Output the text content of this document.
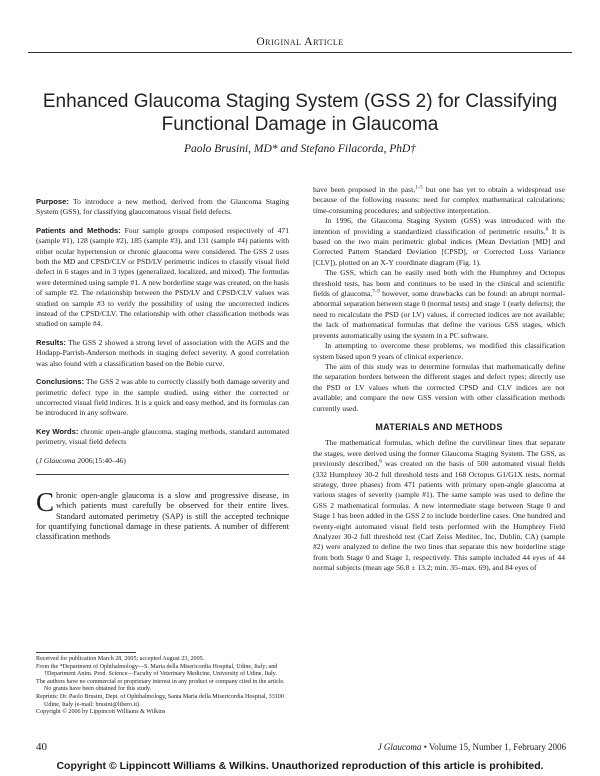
Original Article
Enhanced Glaucoma Staging System (GSS 2) for Classifying Functional Damage in Glaucoma
Paolo Brusini, MD* and Stefano Filacorda, PhD†

Purpose: To introduce a new method, derived from the Glaucoma Staging System (GSS), for classifying glaucomatous visual field defects.

Patients and Methods: Four sample groups composed respectively of 471 (sample #1), 128 (sample #2), 185 (sample #3), and 131 (sample #4) patients with either ocular hypertension or chronic glaucoma were considered. The GSS 2 uses both the MD and CPSD/CLV or PSD/LV perimetric indices to classify visual field defect in 6 stages and in 3 types (generalized, localized, and mixed). The formulas were determined using sample #1. A new borderline stage was created, on the basis of sample #2. The relationship between the PSD/LV and CPSD/CLV values was studied on sample #3 to verify the possibility of using the uncorrected indices instead of the CPSD/CLV. The relationship with other classification methods was studied on sample #4.

Results: The GSS 2 showed a strong level of association with the AGIS and the Hodapp-Parrish-Anderson methods in staging defect severity. A good correlation was also found with a classification based on the Bebie curve.

Conclusions: The GSS 2 was able to correctly classify both damage severity and perimetric defect type in the sample studied, using either the corrected or uncorrected visual field indices. It is a quick and easy method, and its formulas can be introduced in any software.

Key Words: chronic open-angle glaucoma, staging methods, standard automated perimetry, visual field defects

(J Glaucoma 2006;15:40–46)

Chronic open-angle glaucoma is a slow and progressive disease, in which patients must carefully be observed for their entire lives. Standard automated perimetry (SAP) is still the accepted technique for quantifying functional damage in these patients. A number of different classification methods

Received for publication March 28, 2005; accepted August 23, 2005.

From the *Department of Ophthalmology—S. Maria della Misericordia Hospital, Udine, Italy; and †Department Anim. Prod. Science—Faculty of Veterinary Medicine, University of Udine, Italy.

The authors have no commercial or proprietary interest in any product or company cited in the article. No grants have been obtained for this study.

Reprints: Dr. Paolo Brusini, Dept. of Ophthalmology, Santa Maria della Misericordia Hospital, 33100 Udine, Italy (e-mail: brusini@libero.it).

Copyright © 2006 by Lippincott Williams & Wilkins

have been proposed in the past,$^{1-5}$ but one has yet to obtain a widespread use because of the following reasons: need for complex mathematical calculations; time-consuming procedures; and subjective interpretation.

In 1996, the Glaucoma Staging System (GSS) was introduced with the intention of providing a standardized classification of perimetric results.$^6$ It is based on the two main perimetric global indices (Mean Deviation [MD] and Corrected Pattern Standard Deviation [CPSD], or Corrected Loss Variance [CLV]), plotted on an X-Y coordinate diagram (Fig. 1).

The GSS, which can be easily used both with the Humphrey and Octopus threshold tests, has been and continues to be used in the clinical and scientific fields of glaucoma,$^{7-9}$ however, some drawbacks can be found: an abrupt normal-abnormal separation between stage 0 (normal tests) and stage 1 (early defects); the need to recalculate the PSD (or LV) values, if corrected indices are not available; the lack of mathematical formulas that define the various GSS stages, which prevents automatically using the system in a PC software.

In attempting to overcome these problems, we modified this classification system based upon 9 years of clinical experience.

The aim of this study was to determine formulas that mathematically define the separation borders between the different stages and defect types; directly use the PSD or LV values when the corrected CPSD and CLV indices are not available; and compare the new GSS version with other classification methods currently used.

MATERIALS AND METHODS

The mathematical formulas, which define the curvilinear lines that separate the stages, were derived using the former Glaucoma Staging System. The GSS, as previously described,$^6$ was created on the basis of 500 automated visual fields (332 Humphrey 30-2 full threshold tests and 168 Octopus G1/G1X tests, normal strategy, three phases) from 471 patients with primary open-angle glaucoma at various stages of severity (sample #1). The same sample was used to define the GSS 2 mathematical formulas. A new intermediate stage between Stage 0 and Stage 1 has been added in the GSS 2 to include borderline cases. One hundred and twenty-eight automated visual field tests performed with the Humphrey Field Analyzer 30-2 full threshold test (Carl Zeiss Meditec, Inc, Dublin, CA) (sample #2) were analyzed to define the two lines that separate this new borderline stage from both Stage 0 and Stage 1, respectively. This sample included 44 eyes of 44 normal subjects (mean age 56.8 ± 13.2; min. 35–max. 69), and 84 eyes of

40	J Glaucoma • Volume 15, Number 1, February 2006
Copyright © Lippincott Williams & Wilkins. Unauthorized reproduction of this article is prohibited.
